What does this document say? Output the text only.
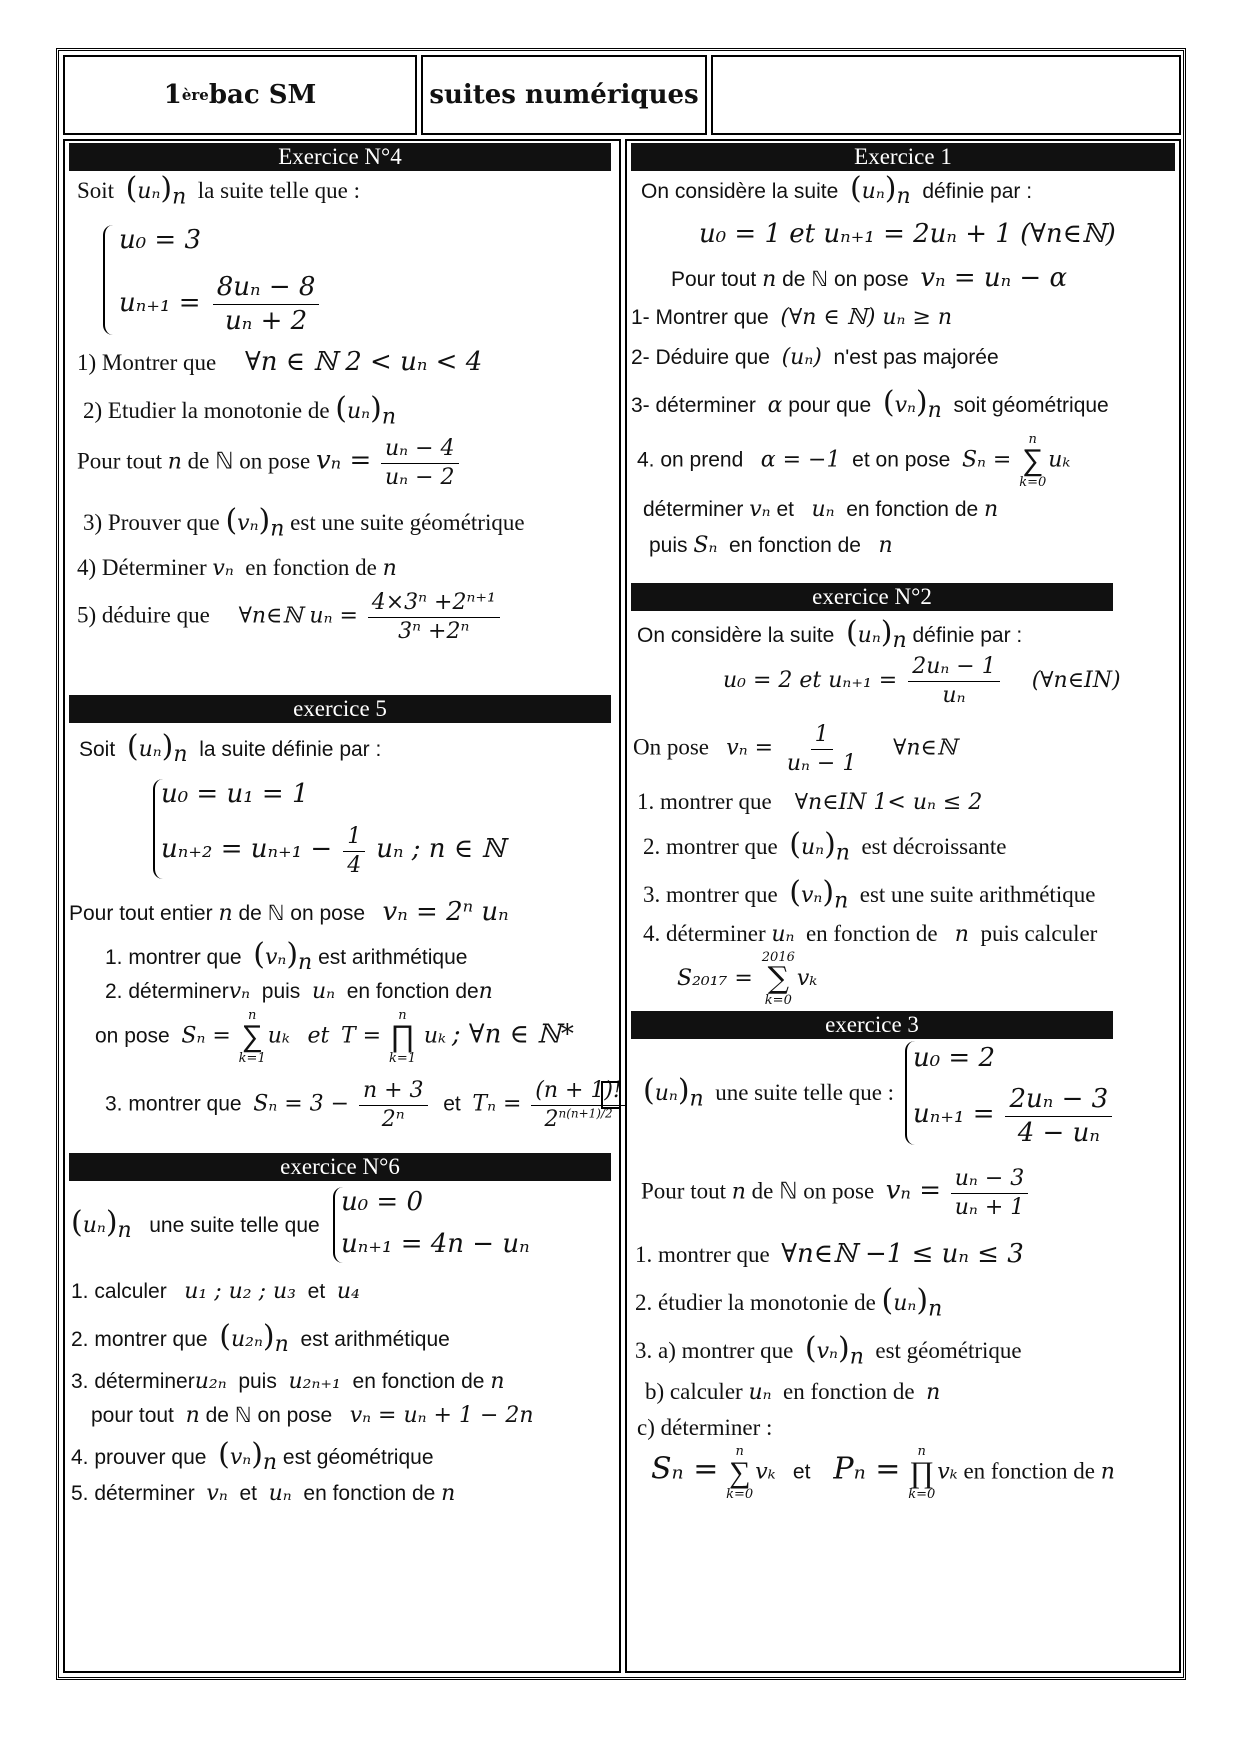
1 ère bac SM	suites numériques
Exercice N°4
Soit $(u_n)_n$ la suite telle que :
u₀ = 3
$u_{n+1} = \frac{\text{8uₙ − 8}}{\text{uₙ + 2}}$
1) Montrer que ∀n ∈ ℕ 2 < uₙ < 4
2) Etudier la monotonie de $(u_n)_n$
Pour tout n de ℕ on pose $v_n = \frac{\text{uₙ − 4}}{\text{uₙ − 2}}$
3) Prouver que $(v_n)_n$ est une suite géométrique
4) Déterminer vₙ en fonction de n
5) déduire que ∀n∈ℕ $u_n = \frac{\text{4×3ⁿ +2ⁿ⁺¹}}{\text{3ⁿ +2ⁿ}}$
exercice 5
Soit $(u_n)_n$ la suite définie par :
u₀ = u₁ = 1
$u_{n+2} = u_{n+1} - \frac{1}{4}$ uₙ ; n ∈ ℕ
Pour tout entier n de ℕ on pose vₙ = 2ⁿ uₙ
1. montrer que $(v_n)_n$ est arithmétique
2. déterminervₙ puis uₙ en fonction den
on pose Sₙ =
n
∑
k=1
uₖ et T =
n
∏
k=1
uₖ ; ∀n ∈ ℕ*
3. montrer que $S_n = 3 - \frac{n + 3}{\text{2ⁿ}}$ et $T_n = \frac{(n + 1)!}{2^{n(n+1)/2}}$
exercice N°6
$(u_n)_n$ une suite telle que
u₀ = 0
uₙ₊₁ = 4n − uₙ
1. calculer u₁ ; u₂ ; u₃ et u₄
2. montrer que $(u_{2n})_n$ est arithmétique
3. détermineru₂ₙ puis u₂ₙ₊₁ en fonction de n
pour tout n de ℕ on pose vₙ = uₙ + 1 − 2n
4. prouver que $(v_n)_n$ est géométrique
5. déterminer vₙ et uₙ en fonction de n
Exercice 1
On considère la suite $(u_n)_n$ définie par :
u₀ = 1 et uₙ₊₁ = 2uₙ + 1 (∀n∈ℕ)
Pour tout n de ℕ on pose vₙ = uₙ − α
1- Montrer que (∀n ∈ ℕ) uₙ ≥ n
2- Déduire que (uₙ) n'est pas majorée
3- déterminer α pour que $(v_n)_n$ soit géométrique
4. on prend α = −1 et on pose Sₙ =
n
∑
k=0
uₖ
déterminer vₙ et uₙ en fonction de n
puis Sₙ en fonction de n
exercice N°2
On considère la suite $(u_n)_n$ définie par :
u₀ = 2 et $u_{n+1} = \frac{\text{2uₙ − 1}}{\text{uₙ}}$ (∀n∈IN)
On pose $v_n = \frac{1}{\text{uₙ − 1}}$ ∀n∈ℕ
1. montrer que ∀n∈IN 1< uₙ ≤ 2
2. montrer que $(u_n)_n$ est décroissante
3. montrer que $(v_n)_n$ est une suite arithmétique
4. déterminer uₙ en fonction de n puis calculer
S₂₀₁₇ =
2016
∑
k=0
vₖ
exercice 3
$(u_n)_n$ une suite telle que :
u₀ = 2
$u_{n+1} = \frac{\text{2uₙ − 3}}{\text{4 − uₙ}}$
Pour tout n de ℕ on pose $v_n = \frac{\text{uₙ − 3}}{\text{uₙ + 1}}$
1. montrer que ∀n∈ℕ −1 ≤ uₙ ≤ 3
2. étudier la monotonie de $(u_n)_n$
3. a) montrer que $(v_n)_n$ est géométrique
b) calculer uₙ en fonction de n
c) déterminer :
Sₙ = n
∑
k=0
vₖ et Pₙ = n
∏
k=0
vₖ en fonction de n
